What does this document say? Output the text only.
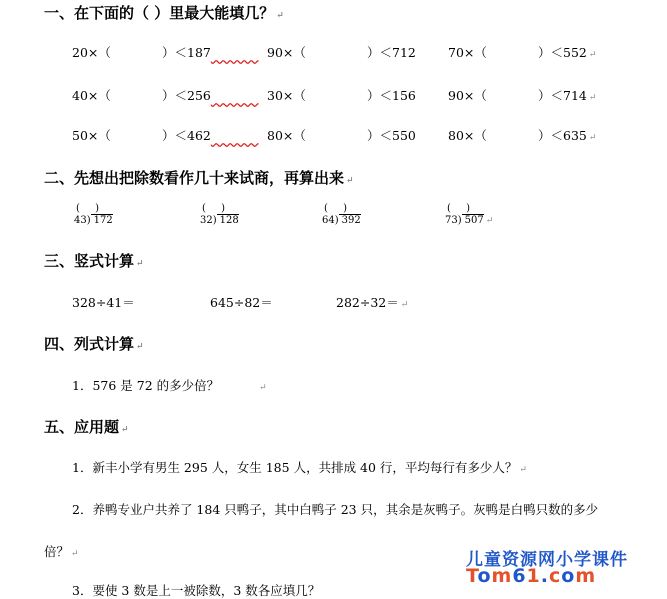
一、在下面的（ ）里最大能填几？ ↵
20×（	）＜187	90×（	）＜712	70×（	）＜552 ↵
40×（	）＜256	30×（	）＜156	90×（	）＜714 ↵
50×（	）＜462	80×（	）＜550	80×（	）＜635 ↵
二、先想出把除数看作几十来试商，再算出来 ↵
( )
43) 172
( )
32) 128
( )
64) 392
( )
73) 507 ↵
三、竖式计算 ↵
328÷41＝	645÷82＝	282÷32＝ ↵
四、列式计算 ↵
1．576 是 72 的多少倍？	↵
五、应用题 ↵
1．新丰小学有男生 295 人，女生 185 人，共排成 40 行，平均每行有多少人？ ↵
2．养鸭专业户共养了 184 只鸭子，其中白鸭子 23 只，其余是灰鸭子。灰鸭是白鸭只数的多少
倍？ ↵
3．要使 3 数是上一被除数，3 数各应填几？
儿童资源网小学课件
Tom61.com
